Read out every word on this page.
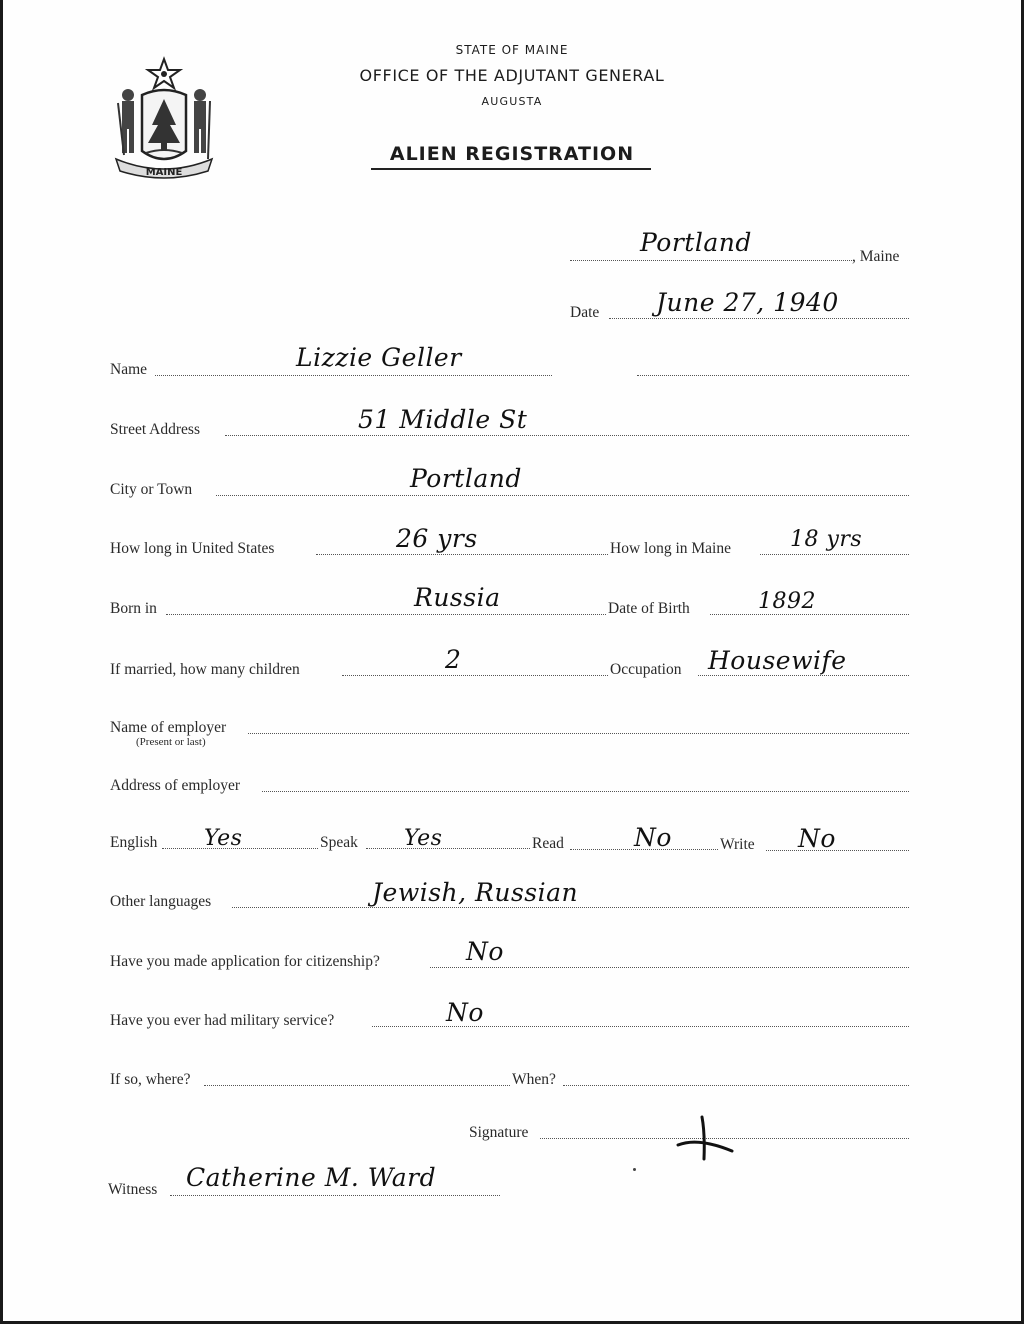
MAINE
STATE OF MAINE
OFFICE OF THE ADJUTANT GENERAL
AUGUSTA
ALIEN REGISTRATION
Portland	, Maine
Date June 27, 1940
Name	Lizzie Geller
Street Address	51 Middle St
City or Town	Portland
How long in United States	26 yrs	How long in Maine	18 yrs
Born in	Russia	Date of Birth	1892
If married, how many children	2	Occupation Housewife
Name of employer
(Present or last)
Address of employer
English Yes	Speak Yes	Read	No	Write No
Other languages	Jewish, Russian
Have you made application for citizenship?	No
Have you ever had military service?	No
If so, where?	When?
Signature
Witness Catherine M. Ward
